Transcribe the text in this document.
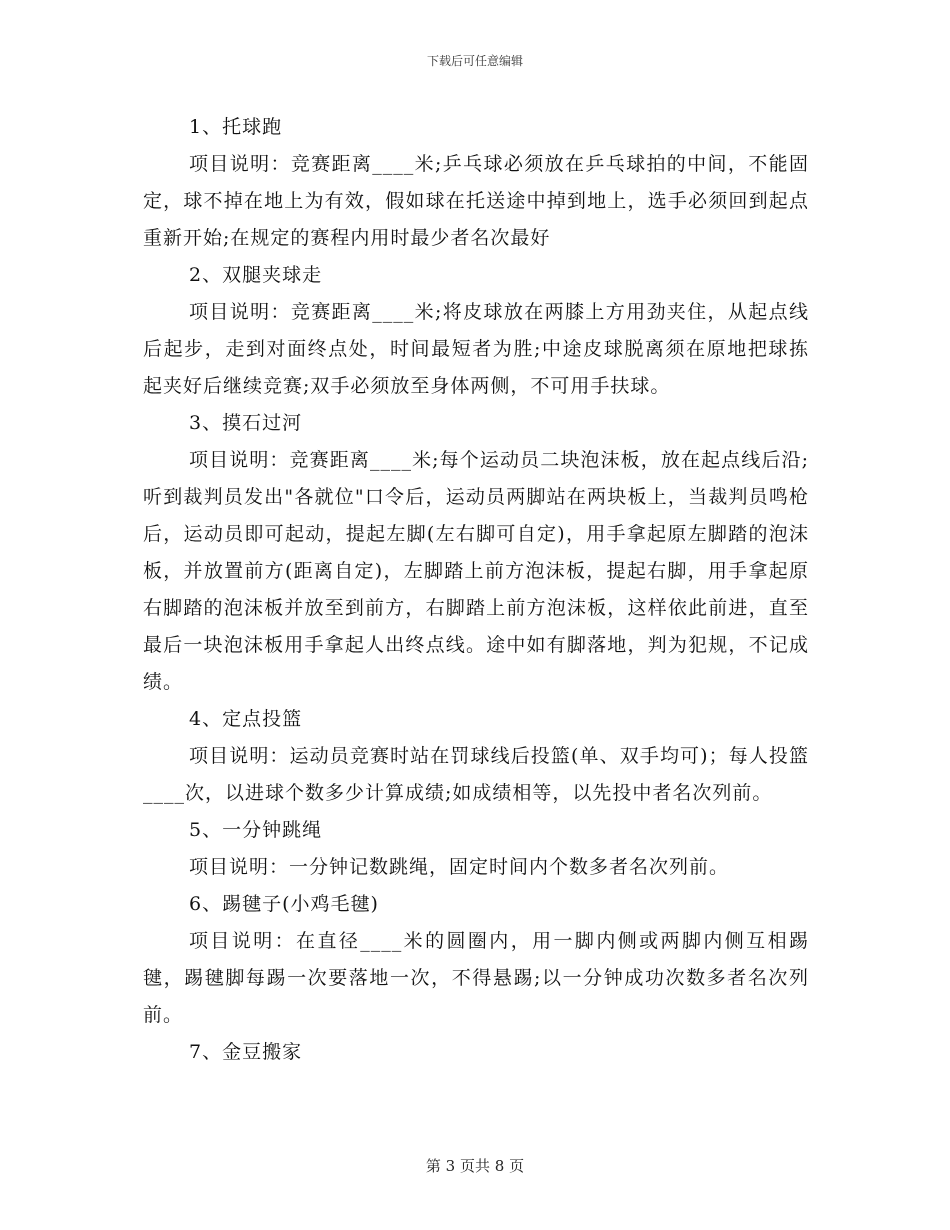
下载后可任意编辑

1、托球跑

项目说明：竞赛距离____米;乒乓球必须放在乒乓球拍的中间，不能固定，球不掉在地上为有效，假如球在托送途中掉到地上，选手必须回到起点重新开始;在规定的赛程内用时最少者名次最好

2、双腿夹球走

项目说明：竞赛距离____米;将皮球放在两膝上方用劲夹住，从起点线后起步，走到对面终点处，时间最短者为胜;中途皮球脱离须在原地把球拣起夹好后继续竞赛;双手必须放至身体两侧，不可用手扶球。

3、摸石过河

项目说明：竞赛距离____米;每个运动员二块泡沫板，放在起点线后沿;听到裁判员发出"各就位"口令后，运动员两脚站在两块板上，当裁判员鸣枪后，运动员即可起动，提起左脚(左右脚可自定)，用手拿起原左脚踏的泡沫板，并放置前方(距离自定)，左脚踏上前方泡沫板，提起右脚，用手拿起原右脚踏的泡沫板并放至到前方，右脚踏上前方泡沫板，这样依此前进，直至最后一块泡沫板用手拿起人出终点线。途中如有脚落地，判为犯规，不记成绩。

4、定点投篮

项目说明：运动员竞赛时站在罚球线后投篮(单、双手均可)；每人投篮____次，以进球个数多少计算成绩;如成绩相等，以先投中者名次列前。

5、一分钟跳绳

项目说明：一分钟记数跳绳，固定时间内个数多者名次列前。

6、踢毽子(小鸡毛毽)

项目说明：在直径____米的圆圈内，用一脚内侧或两脚内侧互相踢毽，踢毽脚每踢一次要落地一次，不得悬踢;以一分钟成功次数多者名次列前。

7、金豆搬家

第 3 页共 8 页
